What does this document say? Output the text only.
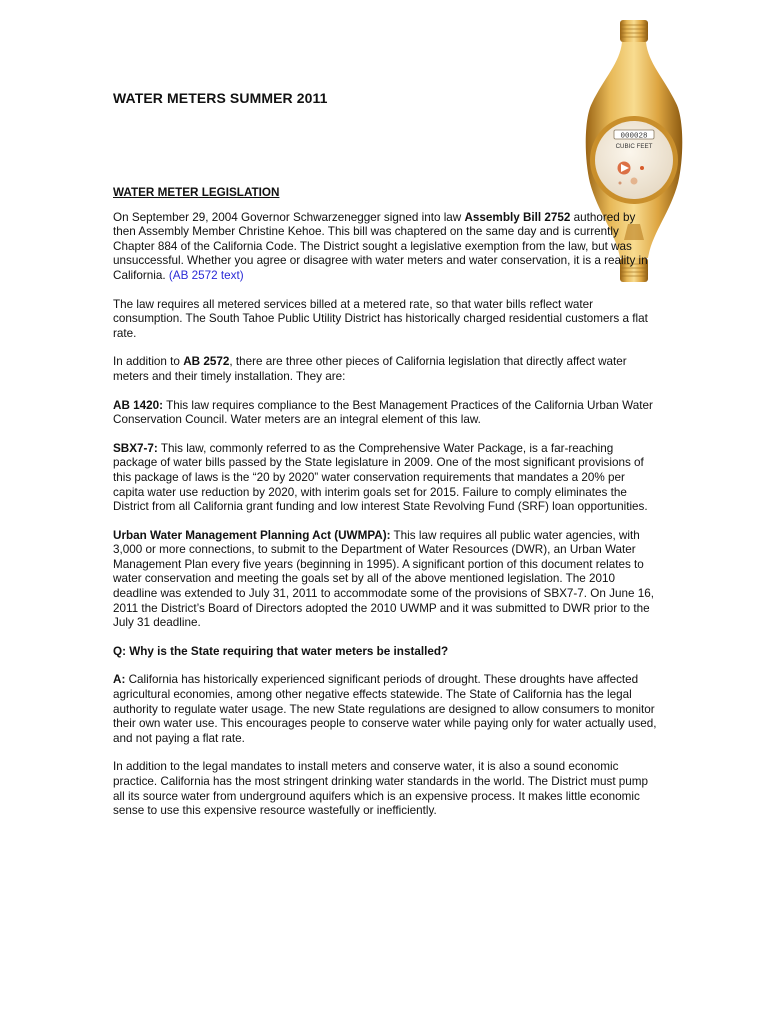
WATER METERS SUMMER 2011
000028
CUBIC FEET

WATER METER LEGISLATION

On September 29, 2004 Governor Schwarzenegger signed into law Assembly Bill 2752 authored by then Assembly Member Christine Kehoe. This bill was chaptered on the same day and is currently Chapter 884 of the California Code. The District sought a legislative exemption from the law, but was unsuccessful. Whether you agree or disagree with water meters and water conservation, it is a reality in California. (AB 2572 text)

The law requires all metered services billed at a metered rate, so that water bills reflect water consumption. The South Tahoe Public Utility District has historically charged residential customers a flat rate.

In addition to AB 2572, there are three other pieces of California legislation that directly affect water meters and their timely installation. They are:

AB 1420: This law requires compliance to the Best Management Practices of the California Urban Water Conservation Council. Water meters are an integral element of this law.

SBX7-7: This law, commonly referred to as the Comprehensive Water Package, is a far-reaching package of water bills passed by the State legislature in 2009. One of the most significant provisions of this package of laws is the “20 by 2020” water conservation requirements that mandates a 20% per capita water use reduction by 2020, with interim goals set for 2015. Failure to comply eliminates the District from all California grant funding and low interest State Revolving Fund (SRF) loan opportunities.

Urban Water Management Planning Act (UWMPA): This law requires all public water agencies, with 3,000 or more connections, to submit to the Department of Water Resources (DWR), an Urban Water Management Plan every five years (beginning in 1995). A significant portion of this document relates to water conservation and meeting the goals set by all of the above mentioned legislation. The 2010 deadline was extended to July 31, 2011 to accommodate some of the provisions of SBX7-7. On June 16, 2011 the District’s Board of Directors adopted the 2010 UWMP and it was submitted to DWR prior to the July 31 deadline.

Q: Why is the State requiring that water meters be installed?

A: California has historically experienced significant periods of drought. These droughts have affected agricultural economies, among other negative effects statewide. The State of California has the legal authority to regulate water usage. The new State regulations are designed to allow consumers to monitor their own water use. This encourages people to conserve water while paying only for water actually used, and not paying a flat rate.

In addition to the legal mandates to install meters and conserve water, it is also a sound economic practice. California has the most stringent drinking water standards in the world. The District must pump all its source water from underground aquifers which is an expensive process. It makes little economic sense to use this expensive resource wastefully or inefficiently.
